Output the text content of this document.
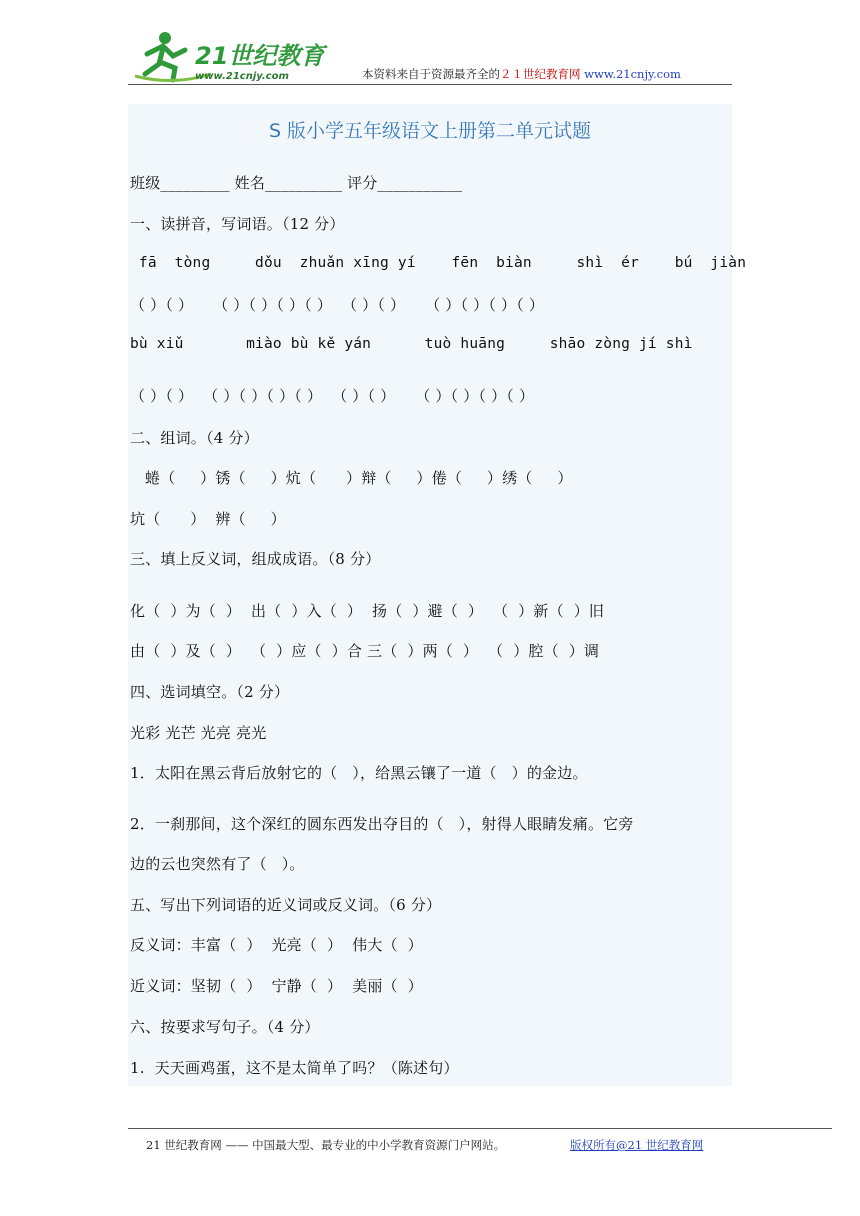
21世纪教育
www.21cnjy.com	本资料来自于资源最齐全的２１世纪教育网 www.21cnjy.com
S 版小学五年级语文上册第二单元试题
班级_________ 姓名__________ 评分___________
一、读拼音，写词语。（12 分）
fā  tòng     dǒu  zhuǎn xīng yí    fēn  biàn     shì  ér    bú  jiàn
（ ）（ ）    （ ）（ ）（ ）（ ）  （ ）（ ）    （ ）（ ）（ ）（ ）
bù xiǔ       miào bù kě yán      tuò huāng     shāo zòng jí shì
（ ）（ ）  （ ）（ ）（ ）（ ）  （ ）（ ）    （ ）（ ）（ ）（ ）
二、组词。（4 分）
蜷（     ）锈（     ）炕（      ）辩（     ）倦（     ）绣（     ）
坑（      ）  辨（     ）
三、填上反义词，组成成语。（8 分）
化（  ）为（  ）  出（  ）入（  ）  扬（  ）避（  ）  （  ）新（  ）旧
由（  ）及（  ）  （  ）应（  ）合 三（  ）两（  ）  （  ）腔（  ）调
四、选词填空。（2 分）
光彩 光芒 光亮 亮光
1．太阳在黑云背后放射它的（   ），给黑云镶了一道（   ）的金边。
2．一刹那间，这个深红的圆东西发出夺目的（   ），射得人眼睛发痛。它旁
边的云也突然有了（   ）。
五、写出下列词语的近义词或反义词。（6 分）
反义词：丰富（  ）  光亮（  ）  伟大（  ）
近义词：坚韧（  ）  宁静（  ）  美丽（  ）
六、按要求写句子。（4 分）
1.  天天画鸡蛋，这不是太简单了吗？（陈述句）
21 世纪教育网 —— 中国最大型、最专业的中小学教育资源门户网站。	版权所有@21 世纪教育网
